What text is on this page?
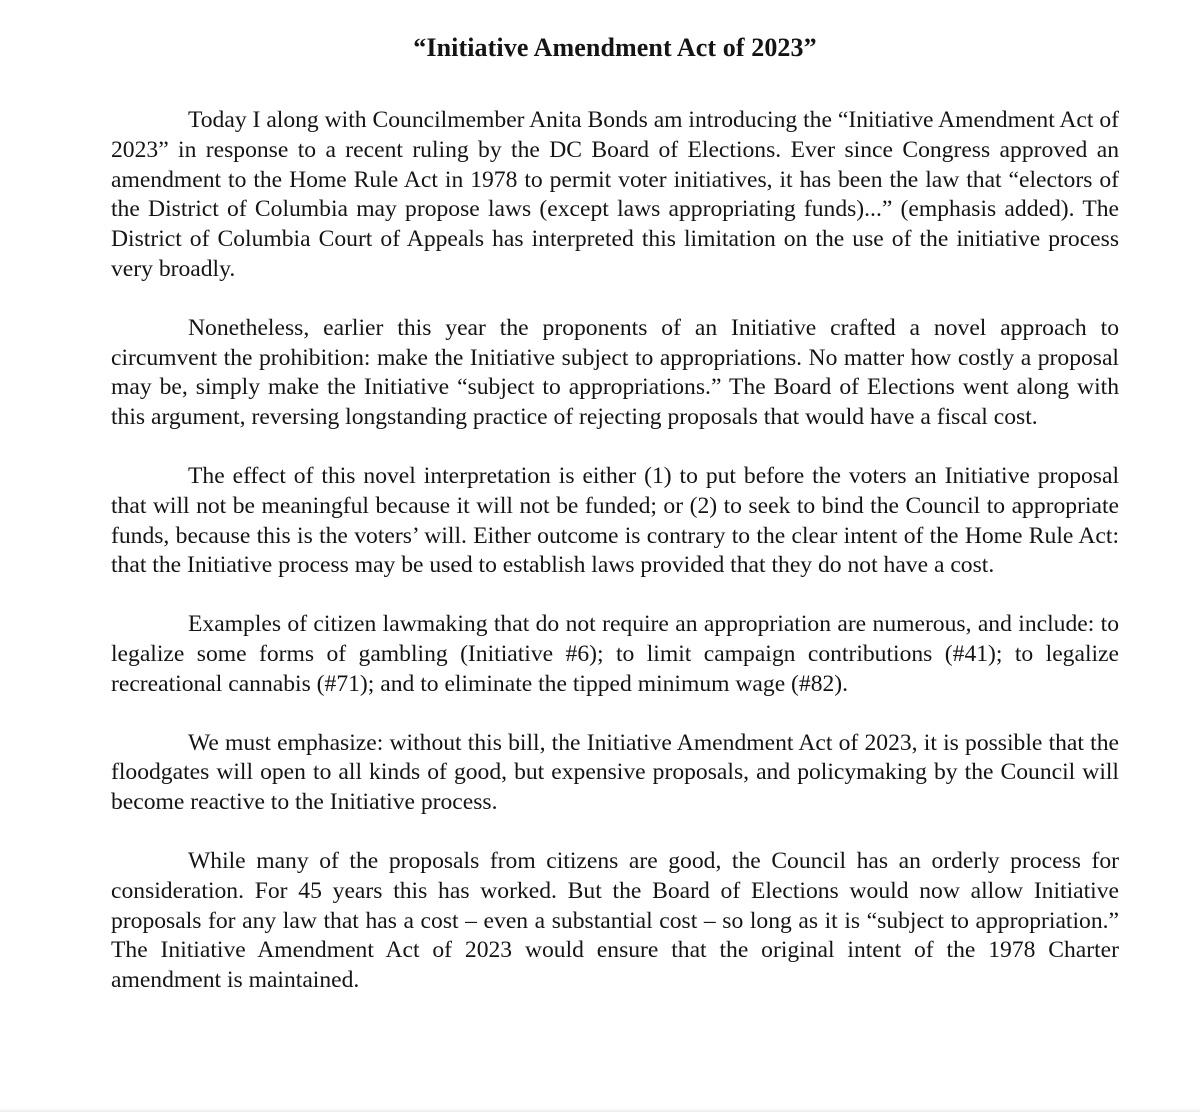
“Initiative Amendment Act of 2023”

Today I along with Councilmember Anita Bonds am introducing the “Initiative Amendment Act of 2023” in response to a recent ruling by the DC Board of Elections. Ever since Congress approved an amendment to the Home Rule Act in 1978 to permit voter initiatives, it has been the law that “electors of the District of Columbia may propose laws (except laws appropriating funds)...” (emphasis added). The District of Columbia Court of Appeals has interpreted this limitation on the use of the initiative process very broadly.

Nonetheless, earlier this year the proponents of an Initiative crafted a novel approach to circumvent the prohibition: make the Initiative subject to appropriations. No matter how costly a proposal may be, simply make the Initiative “subject to appropriations.” The Board of Elections went along with this argument, reversing longstanding practice of rejecting proposals that would have a fiscal cost.

The effect of this novel interpretation is either (1) to put before the voters an Initiative proposal that will not be meaningful because it will not be funded; or (2) to seek to bind the Council to appropriate funds, because this is the voters’ will. Either outcome is contrary to the clear intent of the Home Rule Act: that the Initiative process may be used to establish laws provided that they do not have a cost.

Examples of citizen lawmaking that do not require an appropriation are numerous, and include: to legalize some forms of gambling (Initiative #6); to limit campaign contributions (#41); to legalize recreational cannabis (#71); and to eliminate the tipped minimum wage (#82).

We must emphasize: without this bill, the Initiative Amendment Act of 2023, it is possible that the floodgates will open to all kinds of good, but expensive proposals, and policymaking by the Council will become reactive to the Initiative process.

While many of the proposals from citizens are good, the Council has an orderly process for consideration. For 45 years this has worked. But the Board of Elections would now allow Initiative proposals for any law that has a cost – even a substantial cost – so long as it is “subject to appropriation.” The Initiative Amendment Act of 2023 would ensure that the original intent of the 1978 Charter amendment is maintained.
